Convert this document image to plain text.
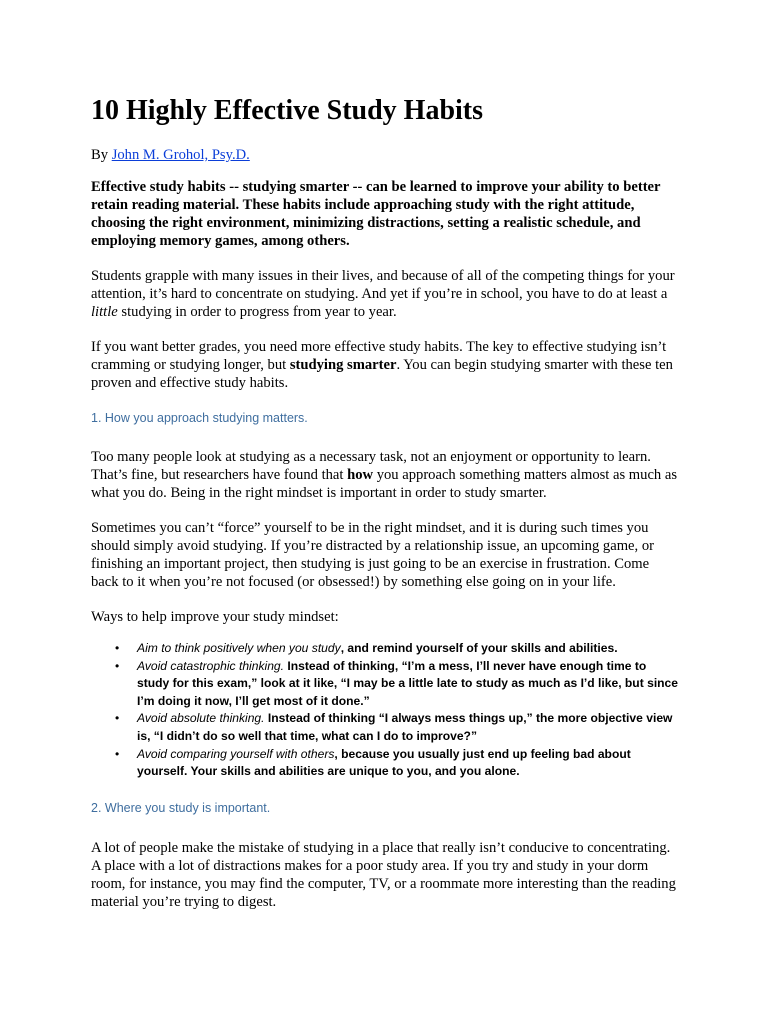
10 Highly Effective Study Habits
By John M. Grohol, Psy.D.

Effective study habits -- studying smarter -- can be learned to improve your ability to better retain reading material. These habits include approaching study with the right attitude, choosing the right environment, minimizing distractions, setting a realistic schedule, and employing memory games, among others.

Students grapple with many issues in their lives, and because of all of the competing things for your attention, it’s hard to concentrate on studying. And yet if you’re in school, you have to do at least a little studying in order to progress from year to year.

If you want better grades, you need more effective study habits. The key to effective studying isn’t cramming or studying longer, but studying smarter. You can begin studying smarter with these ten proven and effective study habits.

1. How you approach studying matters.

Too many people look at studying as a necessary task, not an enjoyment or opportunity to learn. That’s fine, but researchers have found that how you approach something matters almost as much as what you do. Being in the right mindset is important in order to study smarter.

Sometimes you can’t “force” yourself to be in the right mindset, and it is during such times you should simply avoid studying. If you’re distracted by a relationship issue, an upcoming game, or finishing an important project, then studying is just going to be an exercise in frustration. Come back to it when you’re not focused (or obsessed!) by something else going on in your life.

Ways to help improve your study mindset:

• Aim to think positively when you study, and remind yourself of your skills and abilities.
• Avoid catastrophic thinking. Instead of thinking, “I’m a mess, I’ll never have enough time to study for this exam,” look at it like, “I may be a little late to study as much as I’d like, but since I’m doing it now, I’ll get most of it done.”
• Avoid absolute thinking. Instead of thinking “I always mess things up,” the more objective view is, “I didn’t do so well that time, what can I do to improve?”
• Avoid comparing yourself with others, because you usually just end up feeling bad about yourself. Your skills and abilities are unique to you, and you alone.
2. Where you study is important.

A lot of people make the mistake of studying in a place that really isn’t conducive to concentrating. A place with a lot of distractions makes for a poor study area. If you try and study in your dorm room, for instance, you may find the computer, TV, or a roommate more interesting than the reading material you’re trying to digest.
